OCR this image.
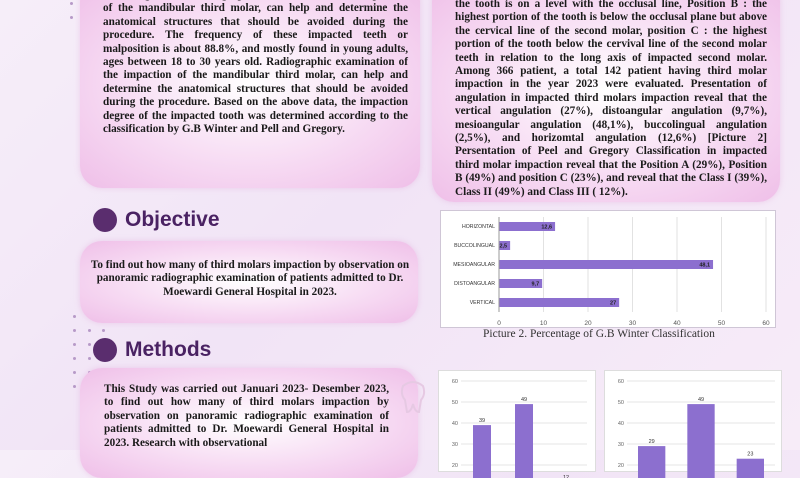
of the mandibular third molar, can help and determine the anatomical structures that should be avoided during the procedure. The frequency of these impacted teeth or malposition is about 88.8%, and mostly found in young adults, ages between 18 to 30 years old. Radiographic examination of the impaction of the mandibular third molar, can help and determine the anatomical structures that should be avoided during the procedure. Based on the above data, the impaction degree of the impacted tooth was determined according to the classification by G.B Winter and Pell and Gregory.
Objective
To find out how many of third molars impaction by observation on panoramic radiographic examination of patients admitted to Dr. Moewardi General Hospital in 2023.
Methods
This Study was carried out Januari 2023- Desember 2023, to find out how many of third molars impaction by observation on panoramic radiographic examination of patients admitted to Dr. Moewardi General Hospital in 2023. Research with observational
the tooth is on a level with the occlusal line, Position B : the highest portion of the tooth is below the occlusal plane but above the cervical line of the second molar, position C : the highest portion of the tooth below the cervival line of the second molar teeth in relation to the long axis of impacted second molar. Among 366 patient, a total 142 patient having third molar impaction in the year 2023 were evaluated. Presentation of angulation in impacted third molars impaction reveal that the vertical angulation (27%), distoangular angulation (9,7%), mesioangular angulation (48,1%), buccolingual angulation (2,5%), and horizomtal angulation (12,6%) [Picture 2] Persentation of Peel and Gregory Classification in impacted third molar impaction reveal that the Position A (29%), Position B (49%) and position C (23%), and reveal that the Class I (39%), Class II (49%) and Class III ( 12%).
0	10	20	30	40	50	60
HORIZONTAL	12,6
BUCCOLINGUAL 2,5
MESIOANGULAR	48,1
DISTOANGULAR	9,7
VERTICAL	27
Picture 2. Percentage of G.B Winter Classification
20
30
40
50
60
39
49
12
20
30
40
50
60
29
49
23
